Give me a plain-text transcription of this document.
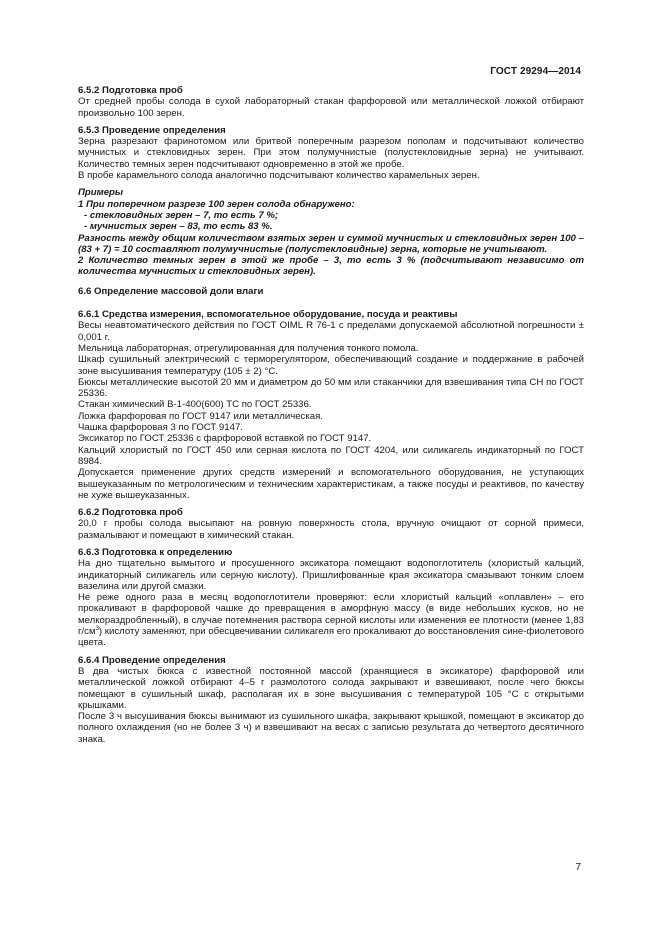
ГОСТ 29294—2014
6.5.2 Подготовка проб

От средней пробы солода в сухой лабораторный стакан фарфоровой или металлической ложкой отбирают произвольно 100 зерен.

6.5.3 Проведение определения

Зерна разрезают фаринотомом или бритвой поперечным разрезом пополам и подсчитывают количество мучнистых и стекловидных зерен. При этом полумучнистые (полустекловидные зерна) не учитывают. Количество темных зерен подсчитывают одновременно в этой же пробе.

В пробе карамельного солода аналогично подсчитывают количество карамельных зерен.

Примеры

1 При поперечном разрезе 100 зерен солода обнаружено:

- стекловидных зерен – 7, то есть 7 %;

- мучнистых зерен – 83, то есть 83 %.

Разность между общим количеством взятых зерен и суммой мучнистых и стекловидных зерен 100 – (83 + 7) = 10 составляют полумучнистые (полустекловидные) зерна, которые не учитывают.

2 Количество темных зерен в этой же пробе – 3, то есть 3 % (подсчитывают независимо от количества мучнистых и стекловидных зерен).

6.6 Определение массовой доли влаги
6.6.1 Средства измерения, вспомогательное оборудование, посуда и реактивы

Весы неавтоматического действия по ГОСТ OIML R 76-1 с пределами допускаемой абсолютной погрешности ± 0,001 г.

Мельница лабораторная, отрегулированная для получения тонкого помола.

Шкаф сушильный электрический с терморегулятором, обеспечивающий создание и поддержание в рабочей зоне высушивания температуру (105 ± 2) °С.

Бюксы металлические высотой 20 мм и диаметром до 50 мм или стаканчики для взвешивания типа СН по ГОСТ 25336.

Стакан химический В-1-400(600) ТС по ГОСТ 25336.

Ложка фарфоровая по ГОСТ 9147 или металлическая.

Чашка фарфоровая 3 по ГОСТ 9147.

Эксикатор по ГОСТ 25336 с фарфоровой вставкой по ГОСТ 9147.

Кальций хлористый по ГОСТ 450 или серная кислота по ГОСТ 4204, или силикагель индикаторный по ГОСТ 8984.

Допускается применение других средств измерений и вспомогательного оборудования, не уступающих вышеуказанным по метрологическим и техническим характеристикам, а также посуды и реактивов, по качеству не хуже вышеуказанных.

6.6.2 Подготовка проб

20,0 г пробы солода высыпают на ровную поверхность стола, вручную очищают от сорной примеси, размалывают и помещают в химический стакан.

6.6.3 Подготовка к определению

На дно тщательно вымытого и просушенного эксикатора помещают водопоглотитель (хлористый кальций, индикаторный силикагель или серную кислоту). Пришлифованные края эксикатора смазывают тонким слоем вазелина или другой смазки.

Не реже одного раза в месяц водопоглотители проверяют: если хлористый кальций «оплавлен» – его прокаливают в фарфоровой чашке до превращения в аморфную массу (в виде небольших кусков, но не мелкораздробленный), в случае потемнения раствора серной кислоты или изменения ее плотности (менее 1,83 $г/см^3$) кислоту заменяют, при обесцвечивании силикагеля его прокаливают до восстановления сине-фиолетового цвета.

6.6.4 Проведение определения

В два чистых бюкса с известной постоянной массой (хранящиеся в эксикаторе) фарфоровой или металлической ложкой отбирают 4–5 г размолотого солода закрывают и взвешивают, после чего бюксы помещают в сушильный шкаф, располагая их в зоне высушивания с температурой 105 °С с открытыми крышками.

После 3 ч высушивания бюксы вынимают из сушильного шкафа, закрывают крышкой, помещают в эксикатор до полного охлаждения (но не более 3 ч) и взвешивают на весах с записью результата до четвертого десятичного знака.

7
